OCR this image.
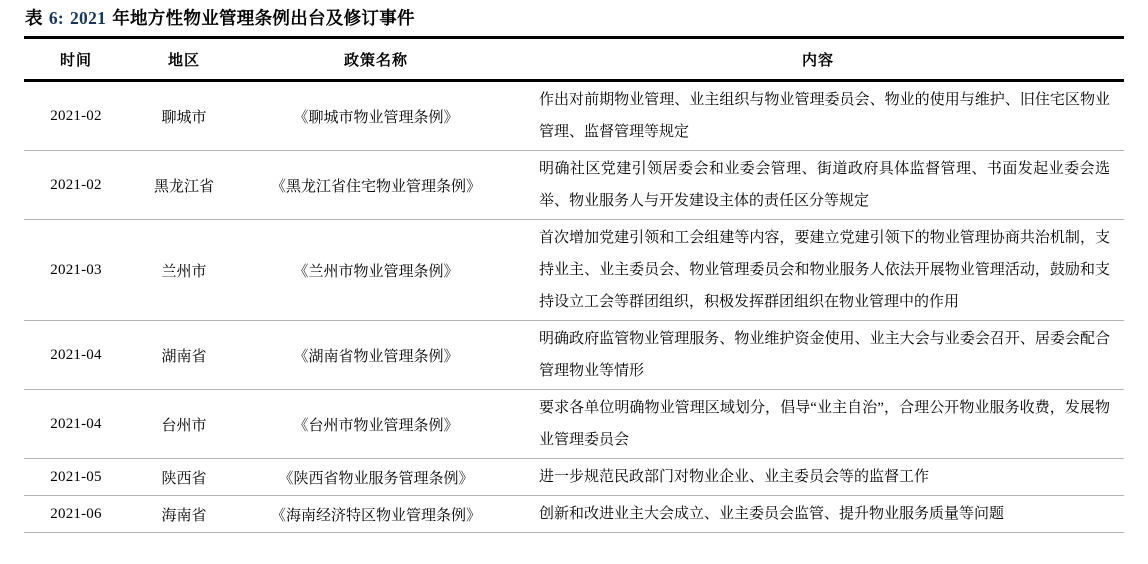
表 6: 2021 年地方性物业管理条例出台及修订事件
时间	地区	政策名称	内容
2021-02	聊城市	《聊城市物业管理条例》	作出对前期物业管理、业主组织与物业管理委员会、物业的使用与维护、旧住宅区物业管理、监督管理等规定
2021-02	黑龙江省	《黑龙江省住宅物业管理条例》	明确社区党建引领居委会和业委会管理、街道政府具体监督管理、书面发起业委会选举、物业服务人与开发建设主体的责任区分等规定
2021-03	兰州市	《兰州市物业管理条例》	首次增加党建引领和工会组建等内容，要建立党建引领下的物业管理协商共治机制，支持业主、业主委员会、物业管理委员会和物业服务人依法开展物业管理活动，鼓励和支持设立工会等群团组织，积极发挥群团组织在物业管理中的作用
2021-04	湖南省	《湖南省物业管理条例》	明确政府监管物业管理服务、物业维护资金使用、业主大会与业委会召开、居委会配合管理物业等情形
2021-04	台州市	《台州市物业管理条例》	要求各单位明确物业管理区域划分，倡导“业主自治”，合理公开物业服务收费，发展物业管理委员会
2021-05	陕西省	《陕西省物业服务管理条例》	进一步规范民政部门对物业企业、业主委员会等的监督工作
2021-06	海南省	《海南经济特区物业管理条例》	创新和改进业主大会成立、业主委员会监管、提升物业服务质量等问题
